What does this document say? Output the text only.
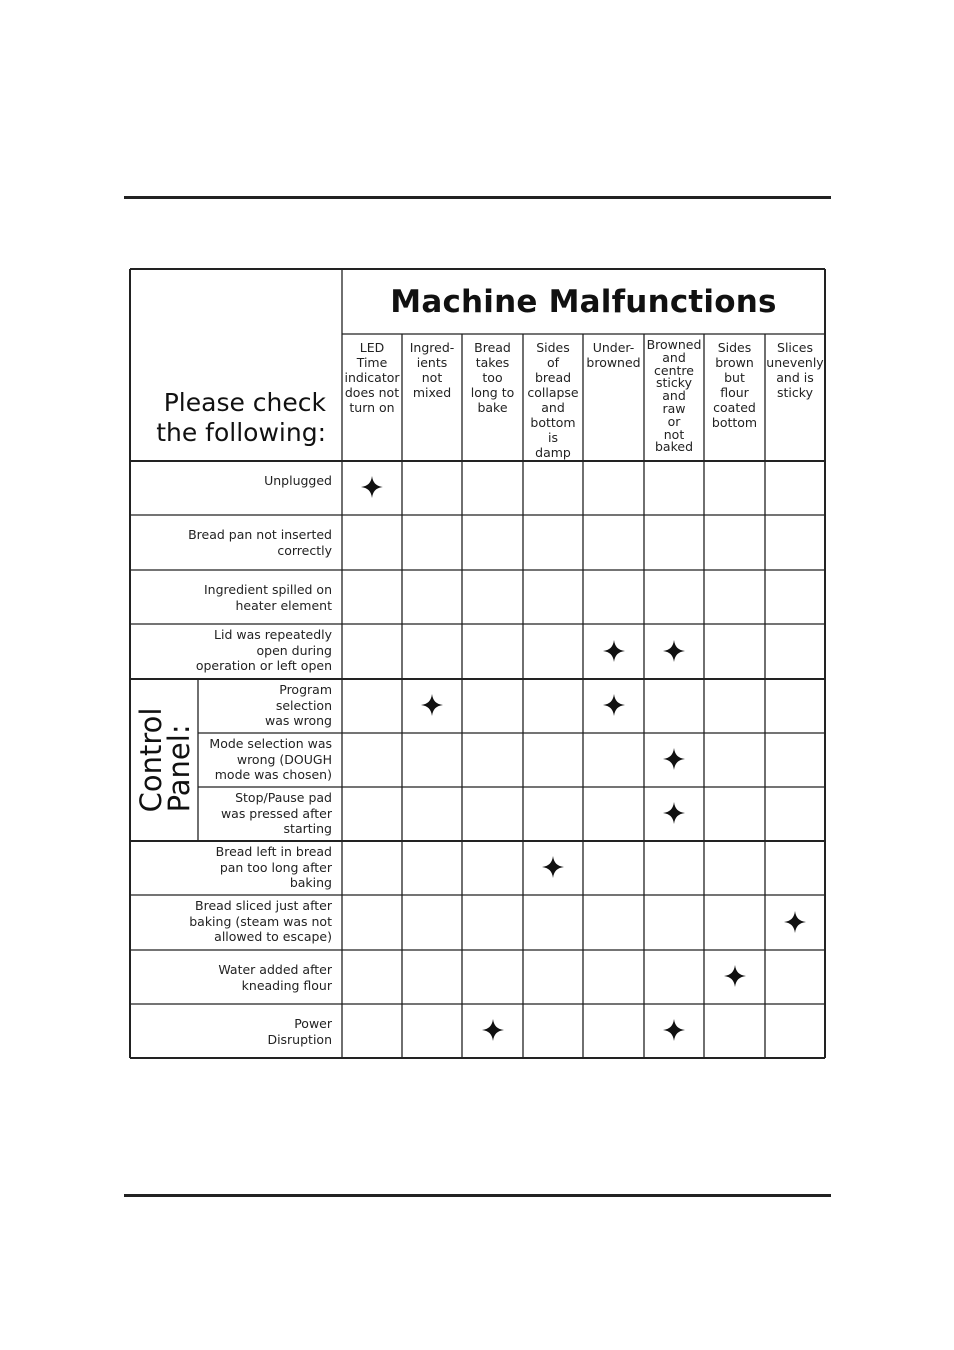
Machine Malfunctions
Please check
the following:
Control
Panel:
LED
Time
indicator
does not
turn on
Ingred-
ients
not
mixed
Bread
takes
too
long to
bake
Sides
of
bread
collapse
and
bottom
is
damp
Under-
browned
Browned
and
centre
sticky
and
raw
or
not
baked
Sides
brown
but
flour
coated
bottom
Slices
unevenly
and is
sticky
Unplugged
Bread pan not inserted
correctly
Ingredient spilled on
heater element
Lid was repeatedly
open during
operation or left open
Program
selection
was wrong
Mode selection was
wrong (DOUGH
mode was chosen)
Stop/Pause pad
was pressed after
starting
Bread left in bread
pan too long after
baking
Bread sliced just after
baking (steam was not
allowed to escape)
Water added after
kneading flour
Power
Disruption
